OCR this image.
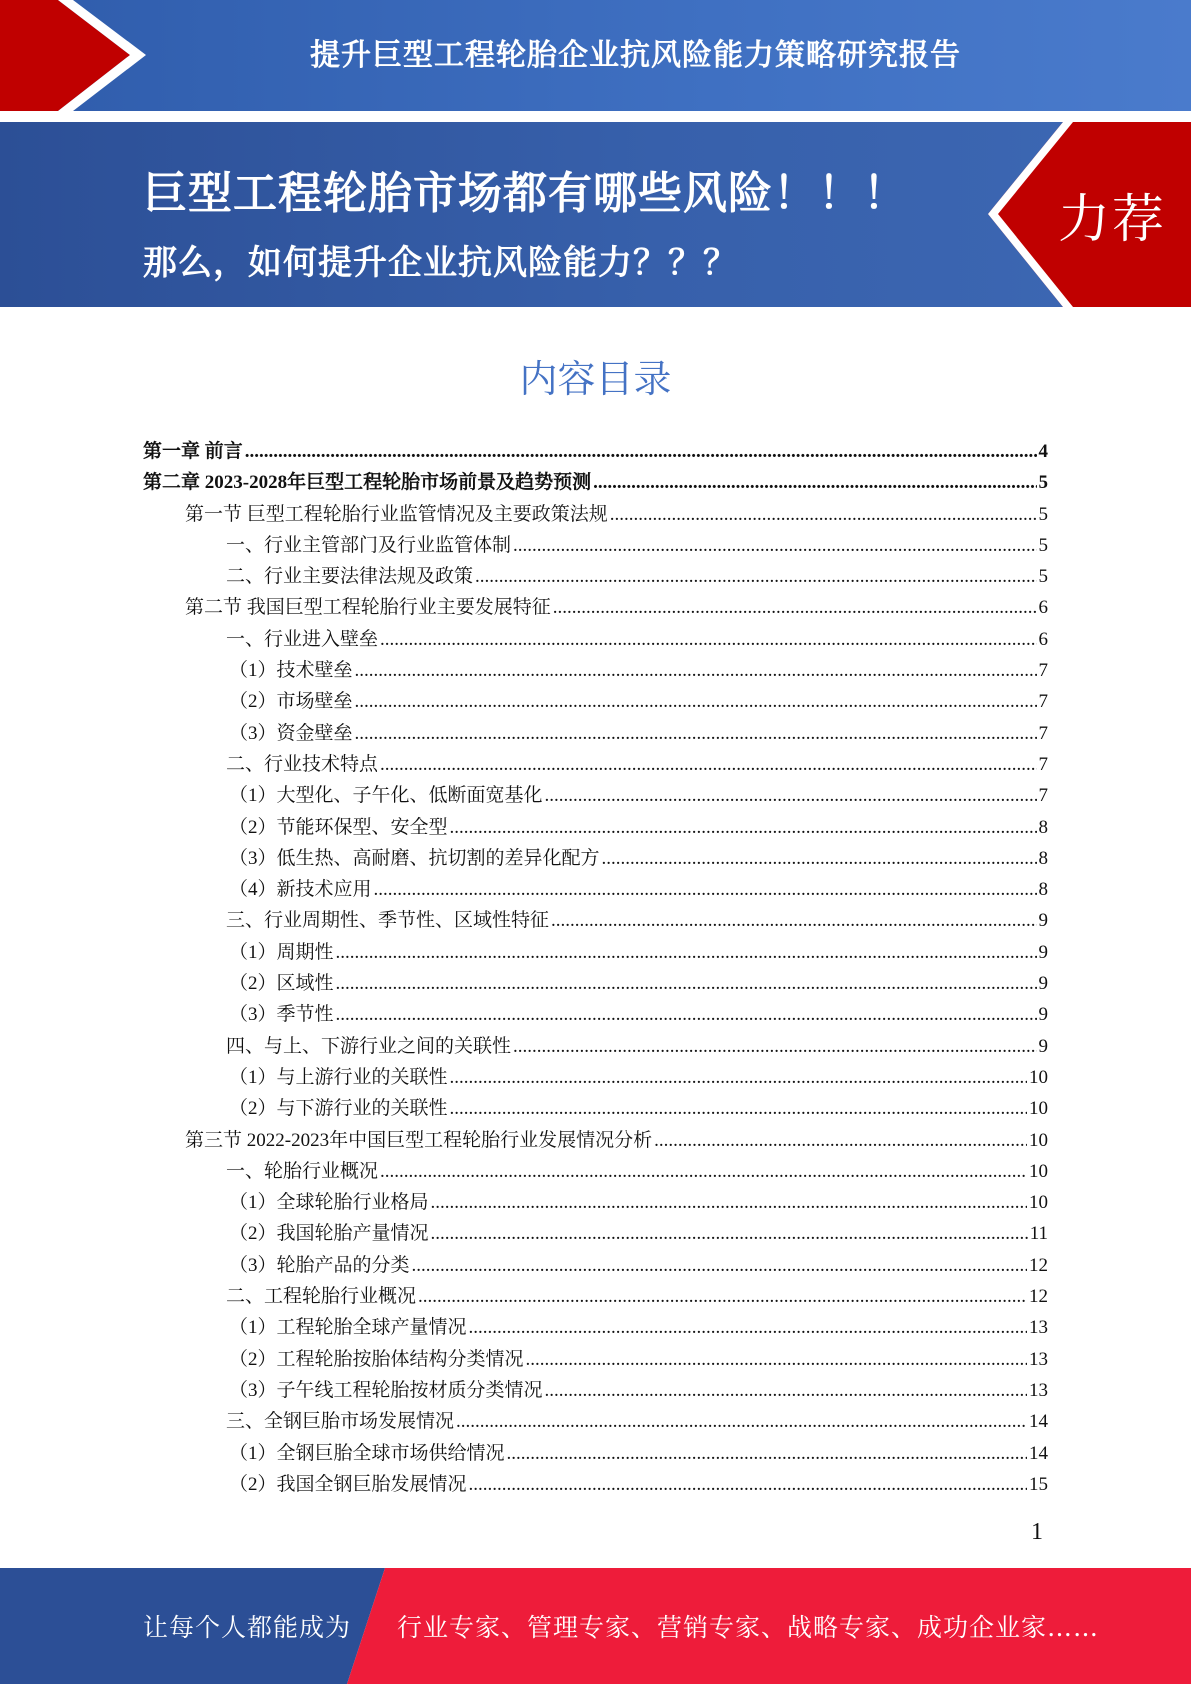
提升巨型工程轮胎企业抗风险能力策略研究报告
巨型工程轮胎市场都有哪些风险！！！
那么，如何提升企业抗风险能力？？？
力荐
内容目录
第一章 前言 .....	4
第二章 2023-2028年巨型工程轮胎市场前景及趋势预测 .....	5
第一节 巨型工程轮胎行业监管情况及主要政策法规 .....	5
一、行业主管部门及行业监管体制 .....	5
二、行业主要法律法规及政策 .....	5
第二节 我国巨型工程轮胎行业主要发展特征 .....	6
一、行业进入壁垒 .....	6
（1）技术壁垒 .....	7
（2）市场壁垒 .....	7
（3）资金壁垒 .....	7
二、行业技术特点 .....	7
（1）大型化、子午化、低断面宽基化 .....	7
（2）节能环保型、安全型 .....	8
（3）低生热、高耐磨、抗切割的差异化配方 .....	8
（4）新技术应用 .....	8
三、行业周期性、季节性、区域性特征 .....	9
（1）周期性 .....	9
（2）区域性 .....	9
（3）季节性 .....	9
四、与上、下游行业之间的关联性 .....	9
（1）与上游行业的关联性 .....	10
（2）与下游行业的关联性 .....	10
第三节 2022-2023年中国巨型工程轮胎行业发展情况分析 .....	10
一、轮胎行业概况 .....	10
（1）全球轮胎行业格局 .....	10
（2）我国轮胎产量情况 .....	11
（3）轮胎产品的分类 .....	12
二、工程轮胎行业概况 .....	12
（1）工程轮胎全球产量情况 .....	13
（2）工程轮胎按胎体结构分类情况 .....	13
（3）子午线工程轮胎按材质分类情况 .....	13
三、全钢巨胎市场发展情况 .....	14
（1）全钢巨胎全球市场供给情况 .....	14
（2）我国全钢巨胎发展情况 .....	15
1
让每个人都能成为 行业专家、管理专家、营销专家、战略专家、成功企业家……
